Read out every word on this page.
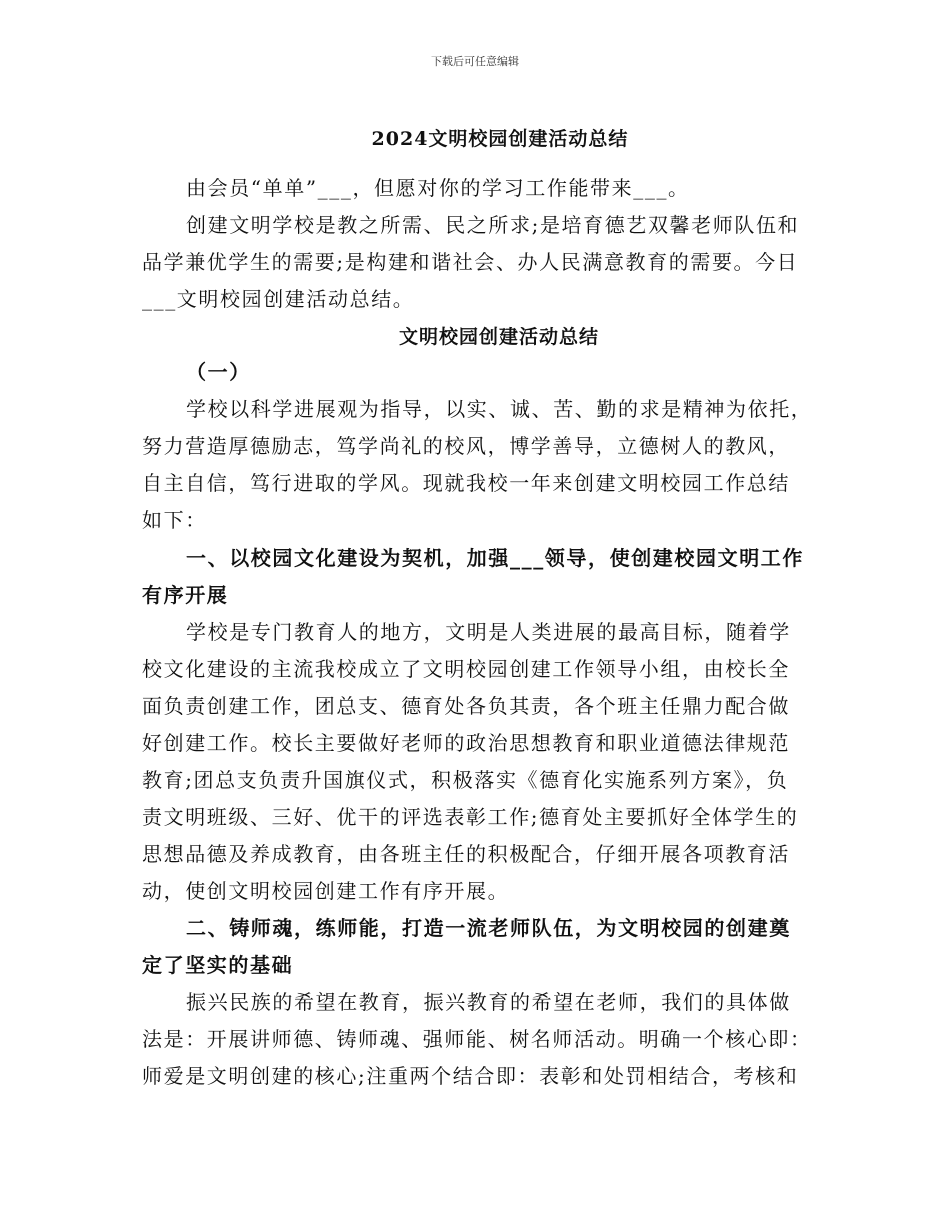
下载后可任意编辑
2024文明校园创建活动总结
由会员“单单”___，但愿对你的学习工作能带来___。
创建文明学校是教之所需、民之所求;是培育德艺双馨老师队伍和
品学兼优学生的需要;是构建和谐社会、办人民满意教育的需要。今日
___文明校园创建活动总结。
文明校园创建活动总结
（一）
学校以科学进展观为指导，以实、诚、苦、勤的求是精神为依托，
努力营造厚德励志，笃学尚礼的校风，博学善导，立德树人的教风，
自主自信，笃行进取的学风。现就我校一年来创建文明校园工作总结
如下：
一、以校园文化建设为契机，加强___领导，使创建校园文明工作
有序开展
学校是专门教育人的地方，文明是人类进展的最高目标，随着学
校文化建设的主流我校成立了文明校园创建工作领导小组，由校长全
面负责创建工作，团总支、德育处各负其责，各个班主任鼎力配合做
好创建工作。校长主要做好老师的政治思想教育和职业道德法律规范
教育;团总支负责升国旗仪式，积极落实《德育化实施系列方案》，负
责文明班级、三好、优干的评选表彰工作;德育处主要抓好全体学生的
思想品德及养成教育，由各班主任的积极配合，仔细开展各项教育活
动，使创文明校园创建工作有序开展。
二、铸师魂，练师能，打造一流老师队伍，为文明校园的创建奠
定了坚实的基础
振兴民族的希望在教育，振兴教育的希望在老师，我们的具体做
法是：开展讲师德、铸师魂、强师能、树名师活动。明确一个核心即：
师爱是文明创建的核心;注重两个结合即：表彰和处罚相结合，考核和
